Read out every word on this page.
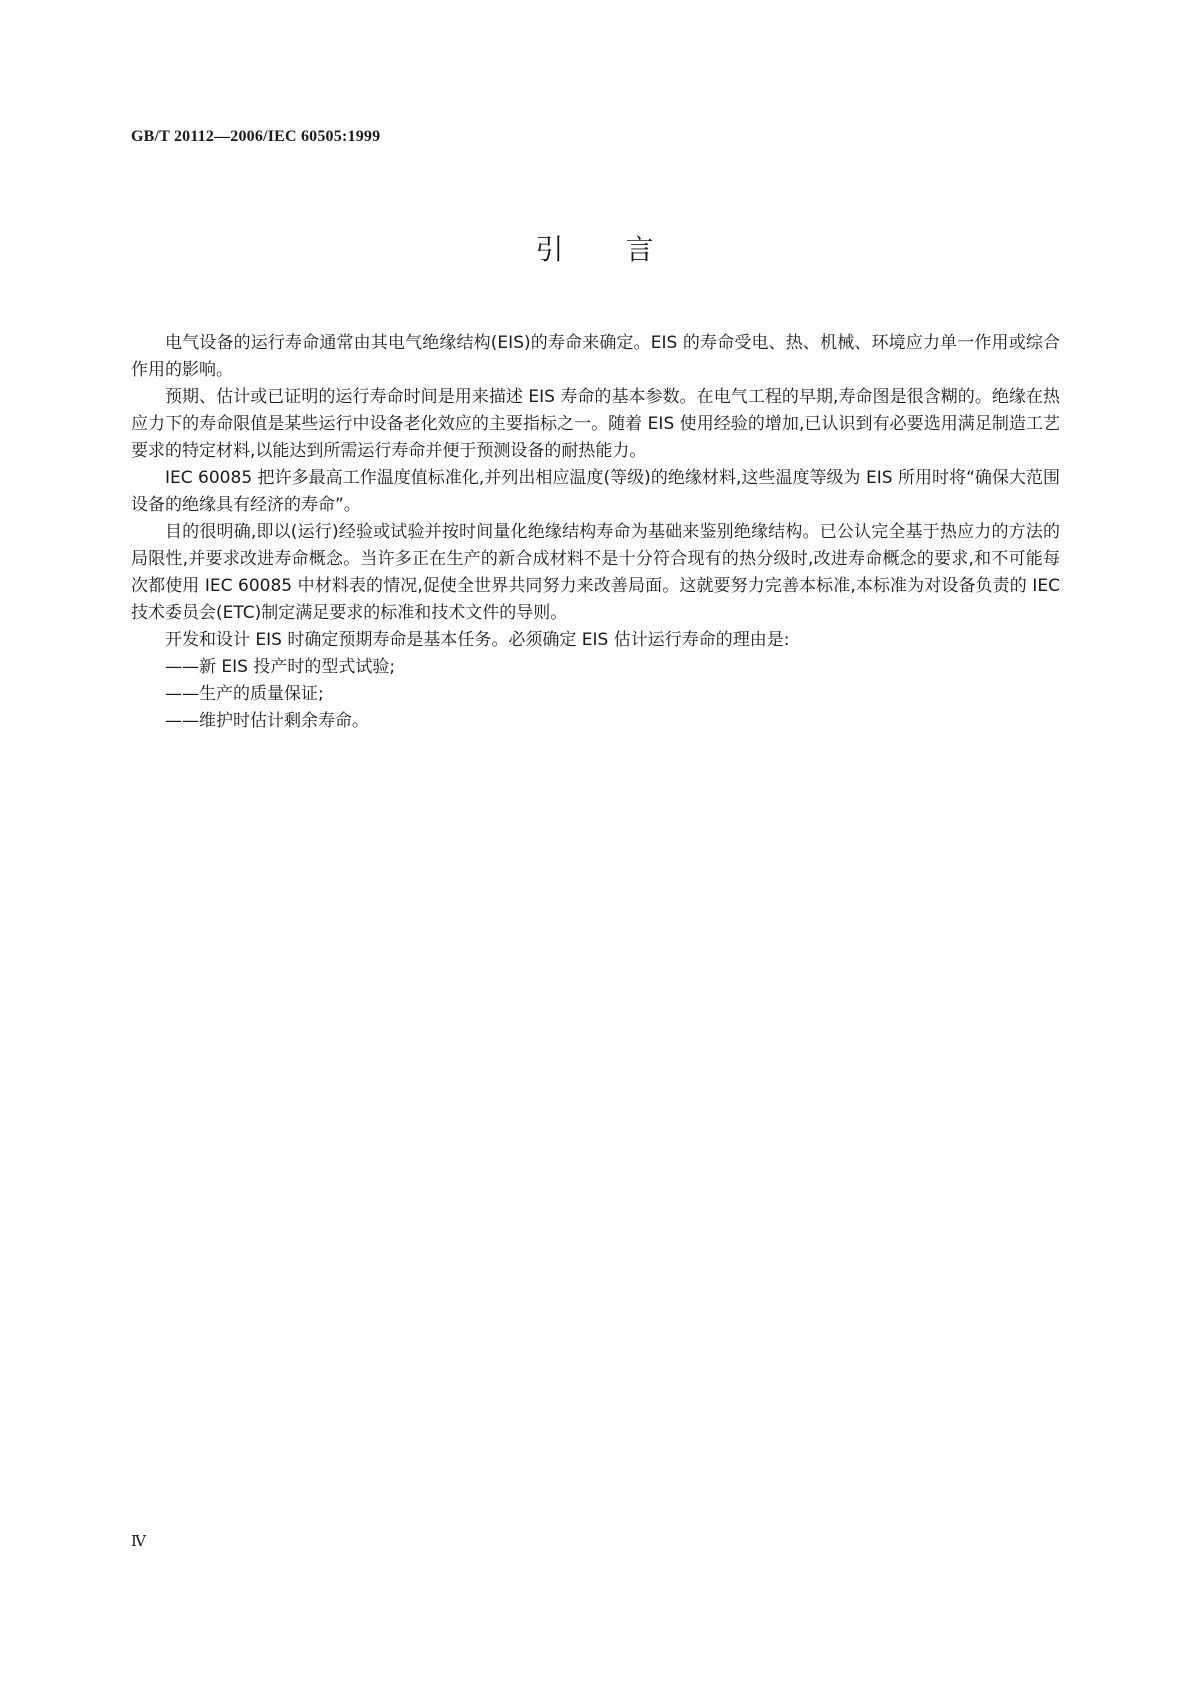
GB/T 20112—2006/IEC 60505:1999
引　　言

电气设备的运行寿命通常由其电气绝缘结构(EIS)的寿命来确定。EIS 的寿命受电、热、机械、环境应力单一作用或综合作用的影响。

预期、估计或已证明的运行寿命时间是用来描述 EIS 寿命的基本参数。在电气工程的早期,寿命图是很含糊的。绝缘在热应力下的寿命限值是某些运行中设备老化效应的主要指标之一。随着 EIS 使用经验的增加,已认识到有必要选用满足制造工艺要求的特定材料,以能达到所需运行寿命并便于预测设备的耐热能力。

IEC 60085 把许多最高工作温度值标准化,并列出相应温度(等级)的绝缘材料,这些温度等级为 EIS 所用时将“确保大范围设备的绝缘具有经济的寿命”。

目的很明确,即以(运行)经验或试验并按时间量化绝缘结构寿命为基础来鉴别绝缘结构。已公认完全基于热应力的方法的局限性,并要求改进寿命概念。当许多正在生产的新合成材料不是十分符合现有的热分级时,改进寿命概念的要求,和不可能每次都使用 IEC 60085 中材料表的情况,促使全世界共同努力来改善局面。这就要努力完善本标准,本标准为对设备负责的 IEC 技术委员会(ETC)制定满足要求的标准和技术文件的导则。

开发和设计 EIS 时确定预期寿命是基本任务。必须确定 EIS 估计运行寿命的理由是:

——新 EIS 投产时的型式试验;

——生产的质量保证;

——维护时估计剩余寿命。

Ⅳ
